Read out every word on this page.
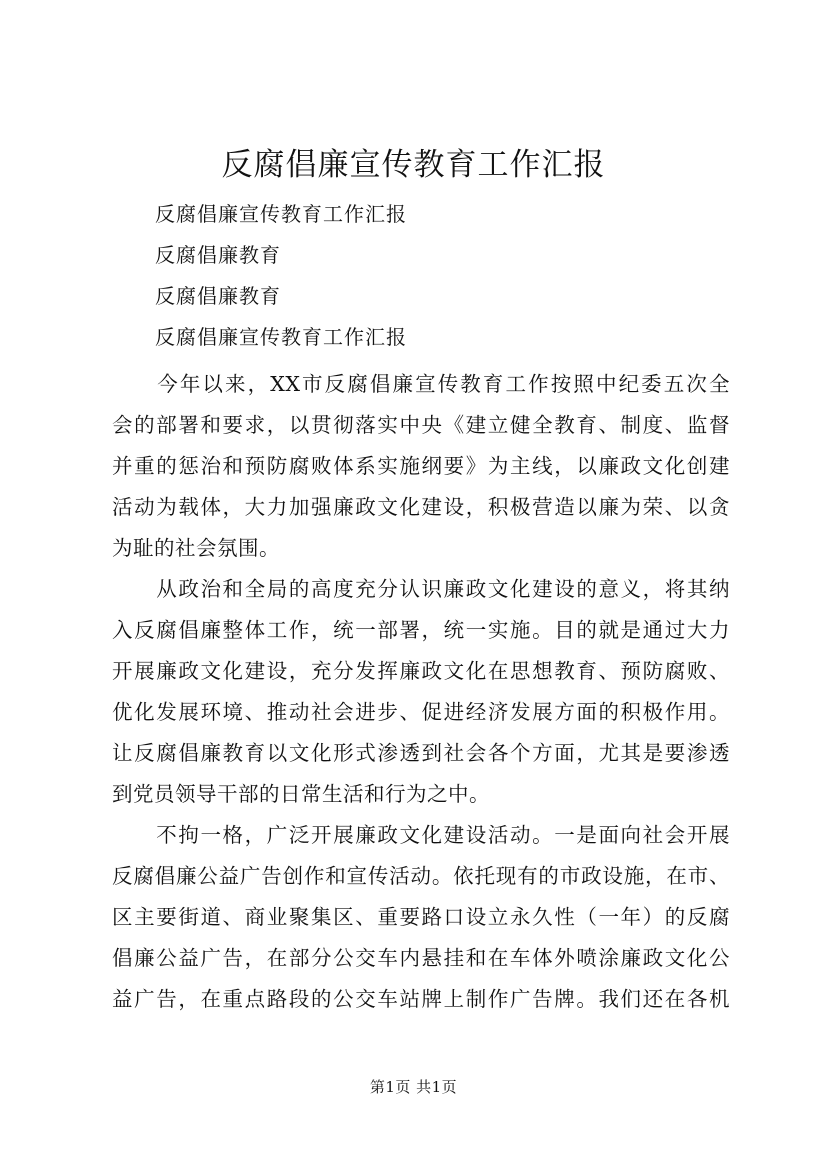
反腐倡廉宣传教育工作汇报
反腐倡廉宣传教育工作汇报
反腐倡廉教育
反腐倡廉教育
反腐倡廉宣传教育工作汇报
　　今年以来，XX市反腐倡廉宣传教育工作按照中纪委五次全
会的部署和要求，以贯彻落实中央《建立健全教育、制度、监督
并重的惩治和预防腐败体系实施纲要》为主线，以廉政文化创建
活动为载体，大力加强廉政文化建设，积极营造以廉为荣、以贪
为耻的社会氛围。
　　从政治和全局的高度充分认识廉政文化建设的意义，将其纳
入反腐倡廉整体工作，统一部署，统一实施。目的就是通过大力
开展廉政文化建设，充分发挥廉政文化在思想教育、预防腐败、
优化发展环境、推动社会进步、促进经济发展方面的积极作用。
让反腐倡廉教育以文化形式渗透到社会各个方面，尤其是要渗透
到党员领导干部的日常生活和行为之中。
　　不拘一格，广泛开展廉政文化建设活动。一是面向社会开展
反腐倡廉公益广告创作和宣传活动。依托现有的市政设施，在市、
区主要街道、商业聚集区、重要路口设立永久性（一年）的反腐
倡廉公益广告，在部分公交车内悬挂和在车体外喷涂廉政文化公
益广告，在重点路段的公交车站牌上制作广告牌。我们还在各机
第1页 共1页
